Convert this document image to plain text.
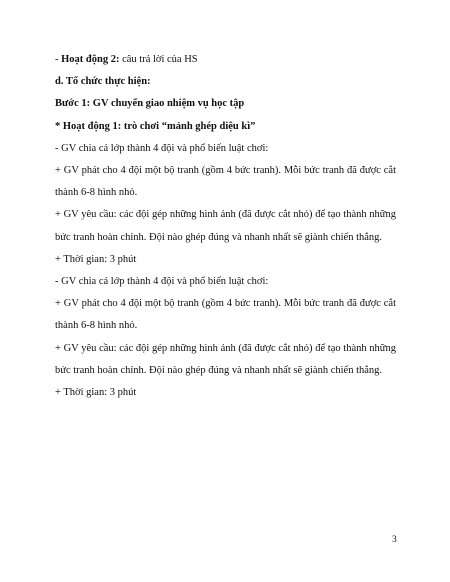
- Hoạt động 2: câu trả lời của HS
d. Tổ chức thực hiện:
Bước 1: GV chuyển giao nhiệm vụ học tập
* Hoạt động 1: trò chơi “mảnh ghép diệu kì”
- GV chia cả lớp thành 4 đội và phổ biến luật chơi:
+ GV phát cho 4 đội một bộ tranh (gồm 4 bức tranh). Mỗi bức tranh đã được cắt
thành 6-8 hình nhỏ.
+ GV yêu cầu: các đội gép những hình ảnh (đã được cắt nhỏ) để tạo thành những
bức tranh hoàn chỉnh. Đội nào ghép đúng và nhanh nhất sẽ giành chiến thắng.
+ Thời gian: 3 phút
- GV chia cả lớp thành 4 đội và phổ biến luật chơi:
+ GV phát cho 4 đội một bộ tranh (gồm 4 bức tranh). Mỗi bức tranh đã được cắt
thành 6-8 hình nhỏ.
+ GV yêu cầu: các đội gép những hình ảnh (đã được cắt nhỏ) để tạo thành những
bức tranh hoàn chỉnh. Đội nào ghép đúng và nhanh nhất sẽ giành chiến thắng.
+ Thời gian: 3 phút
3
